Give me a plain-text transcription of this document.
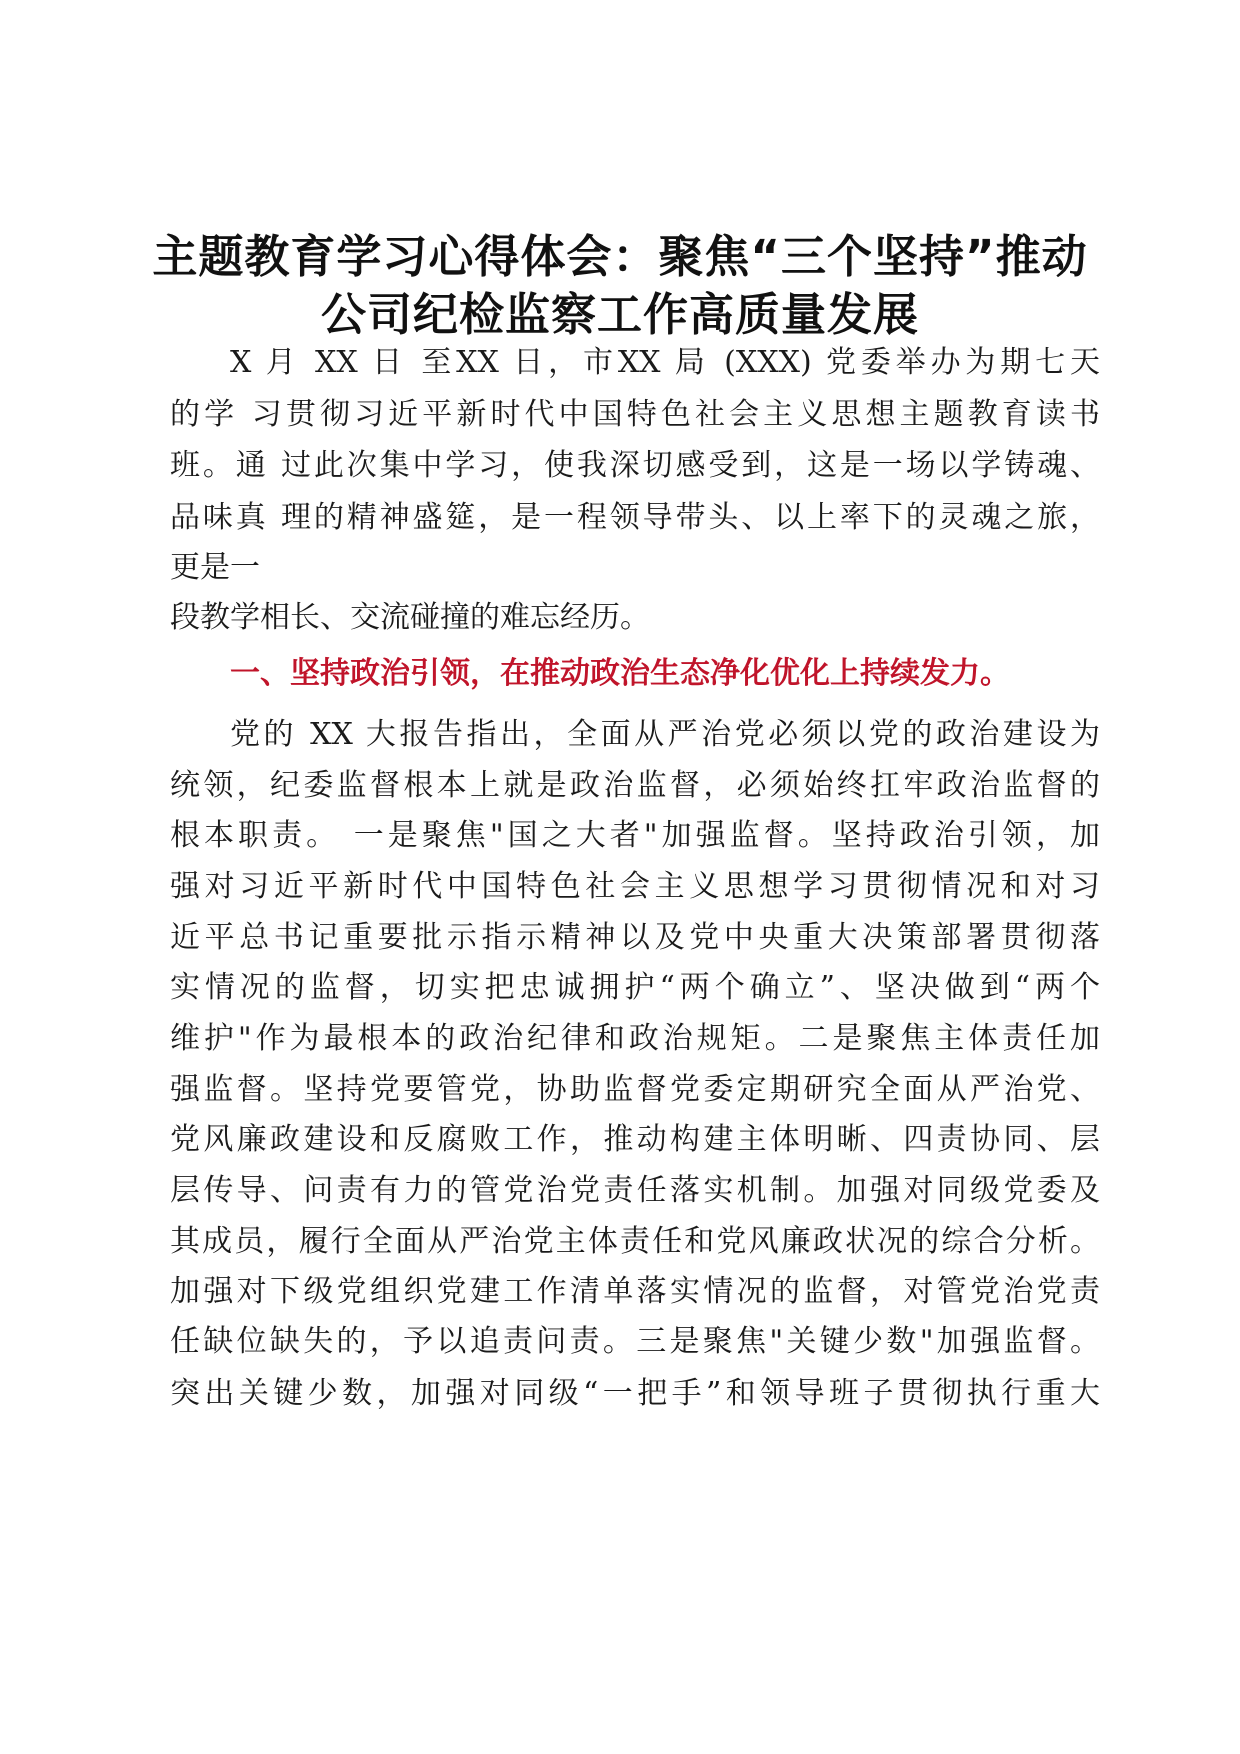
主题教育学习心得体会：聚焦“三个坚持”推动
公司纪检监察工作高质量发展
X 月 XX 日 至XX 日，市XX 局 (XXX) 党委举办为期七天
的学 习贯彻习近平新时代中国特色社会主义思想主题教育读书
班。通 过此次集中学习，使我深切感受到，这是一场以学铸魂、
品味真 理的精神盛筵，是一程领导带头、以上率下的灵魂之旅，
更是一
段教学相长、交流碰撞的难忘经历。
一、坚持政治引领，在推动政治生态净化优化上持续发力。
党的 XX 大报告指出，全面从严治党必须以党的政治建设为
统领，纪委监督根本上就是政治监督，必须始终扛牢政治监督的
根本职责。 一是聚焦"国之大者"加强监督。坚持政治引领，加
强对习近平新时代中国特色社会主义思想学习贯彻情况和对习
近平总书记重要批示指示精神以及党中央重大决策部署贯彻落
实情况的监督，切实把忠诚拥护“两个确立”、坚决做到“两个
维护"作为最根本的政治纪律和政治规矩。二是聚焦主体责任加
强监督。坚持党要管党，协助监督党委定期研究全面从严治党、
党风廉政建设和反腐败工作，推动构建主体明晰、四责协同、层
层传导、问责有力的管党治党责任落实机制。加强对同级党委及
其成员，履行全面从严治党主体责任和党风廉政状况的综合分析。
加强对下级党组织党建工作清单落实情况的监督，对管党治党责
任缺位缺失的，予以追责问责。三是聚焦"关键少数"加强监督。
突出关键少数，加强对同级“一把手”和领导班子贯彻执行重大
